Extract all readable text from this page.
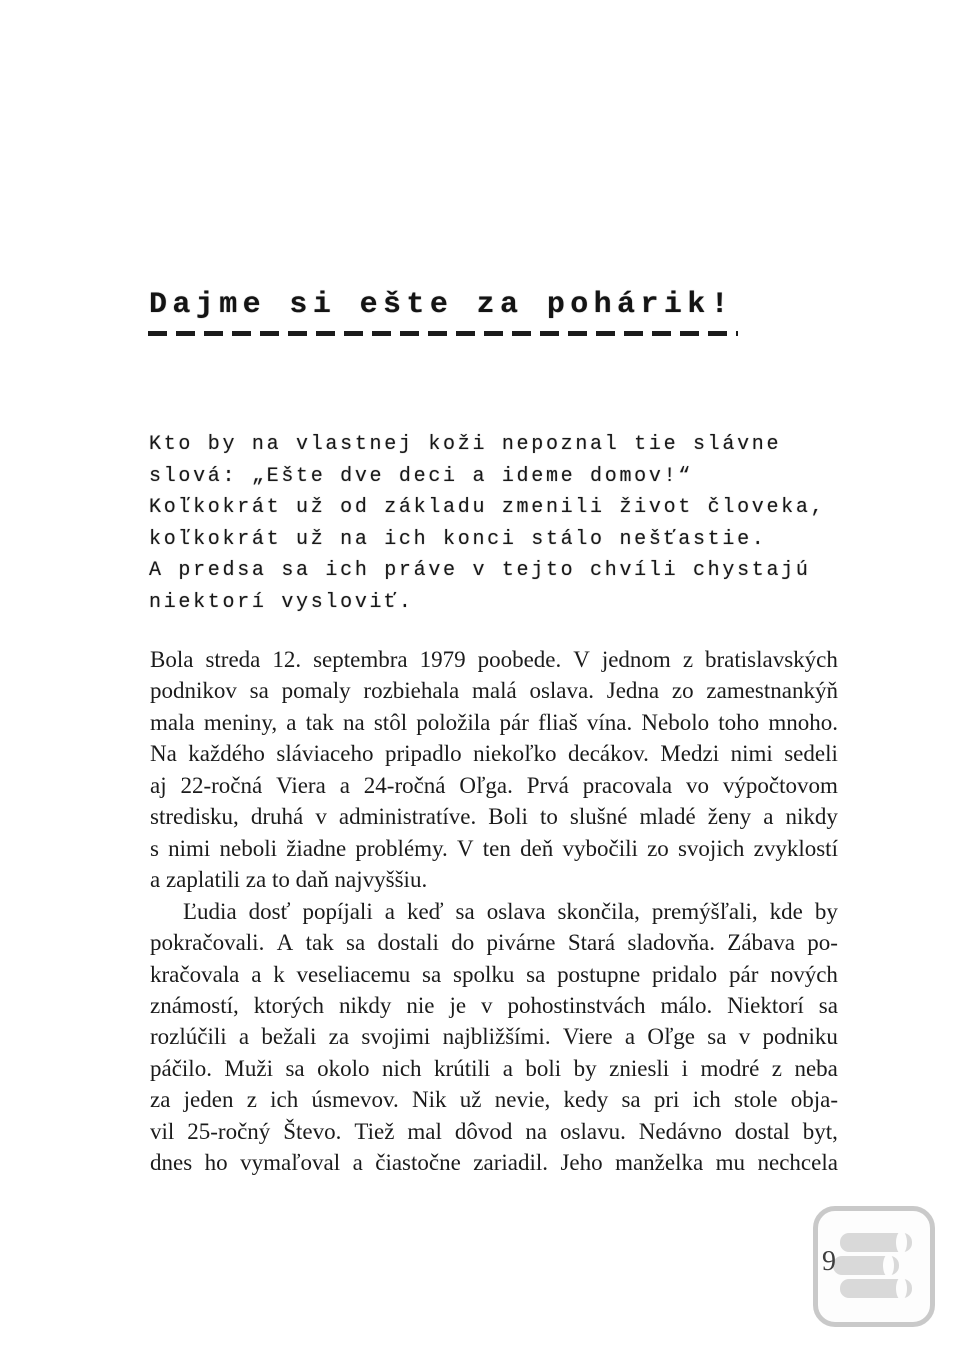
Dajme si ešte za pohárik!
Kto by na vlastnej koži nepoznal tie slávne
slová: „Ešte dve deci a ideme domov!“
Koľkokrát už od základu zmenili život človeka,
koľkokrát už na ich konci stálo nešťastie.
A predsa sa ich práve v tejto chvíli chystajú
niektorí vysloviť.
Bola streda 12. septembra 1979 poobede. V jednom z bratislavských
podnikov sa pomaly rozbiehala malá oslava. Jedna zo zamestnankýň
mala meniny, a tak na stôl položila pár fliaš vína. Nebolo toho mnoho.
Na každého sláviaceho pripadlo niekoľko decákov. Medzi nimi sedeli
aj 22-ročná Viera a 24-ročná Oľga. Prvá pracovala vo výpočtovom
stredisku, druhá v administratíve. Boli to slušné mladé ženy a nikdy
s nimi neboli žiadne problémy. V ten deň vybočili zo svojich zvyklostí
a zaplatili za to daň najvyššiu.
Ľudia dosť popíjali a keď sa oslava skončila, premýšľali, kde by
pokračovali. A tak sa dostali do pivárne Stará sladovňa. Zábava po-
kračovala a k veseliacemu sa spolku sa postupne pridalo pár nových
známostí, ktorých nikdy nie je v pohostinstvách málo. Niektorí sa
rozlúčili a bežali za svojimi najbližšími. Viere a Oľge sa v podniku
páčilo. Muži sa okolo nich krútili a boli by zniesli i modré z neba
za jeden z ich úsmevov. Nik už nevie, kedy sa pri ich stole obja-
vil 25-ročný Števo. Tiež mal dôvod na oslavu. Nedávno dostal byt,
dnes ho vymaľoval a čiastočne zariadil. Jeho manželka mu nechcela
9
